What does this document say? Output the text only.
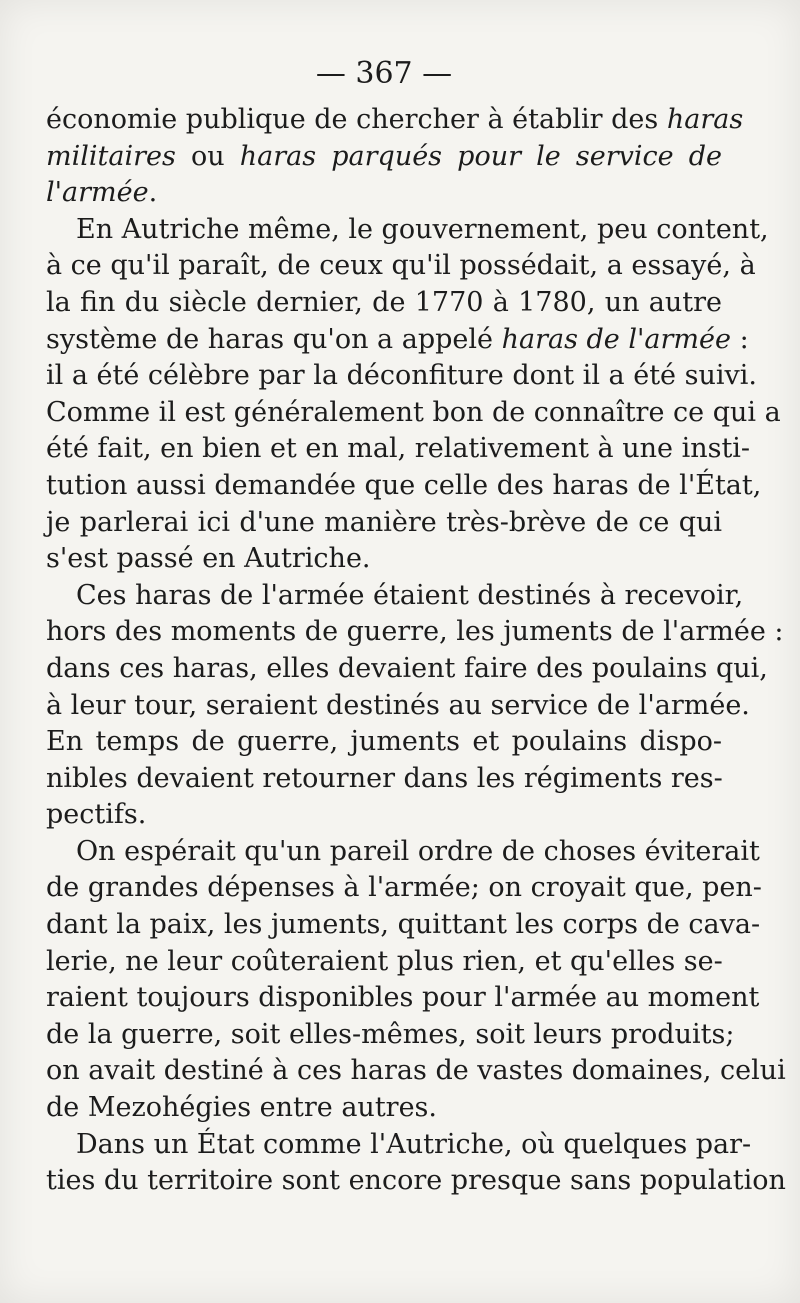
— 367 —
économie publique de chercher à établir des haras
militaires ou haras parqués pour le service de
l'armée.
En Autriche même, le gouvernement, peu content,
à ce qu'il paraît, de ceux qu'il possédait, a essayé, à
la fin du siècle dernier, de 1770 à 1780, un autre
système de haras qu'on a appelé haras de l'armée :
il a été célèbre par la déconfiture dont il a été suivi.
Comme il est généralement bon de connaître ce qui a
été fait, en bien et en mal, relativement à une insti-
tution aussi demandée que celle des haras de l'État,
je parlerai ici d'une manière très-brève de ce qui
s'est passé en Autriche.
Ces haras de l'armée étaient destinés à recevoir,
hors des moments de guerre, les juments de l'armée :
dans ces haras, elles devaient faire des poulains qui,
à leur tour, seraient destinés au service de l'armée.
En temps de guerre, juments et poulains dispo-
nibles devaient retourner dans les régiments res-
pectifs.
On espérait qu'un pareil ordre de choses éviterait
de grandes dépenses à l'armée; on croyait que, pen-
dant la paix, les juments, quittant les corps de cava-
lerie, ne leur coûteraient plus rien, et qu'elles se-
raient toujours disponibles pour l'armée au moment
de la guerre, soit elles-mêmes, soit leurs produits;
on avait destiné à ces haras de vastes domaines, celui
de Mezohégies entre autres.
Dans un État comme l'Autriche, où quelques par-
ties du territoire sont encore presque sans population
